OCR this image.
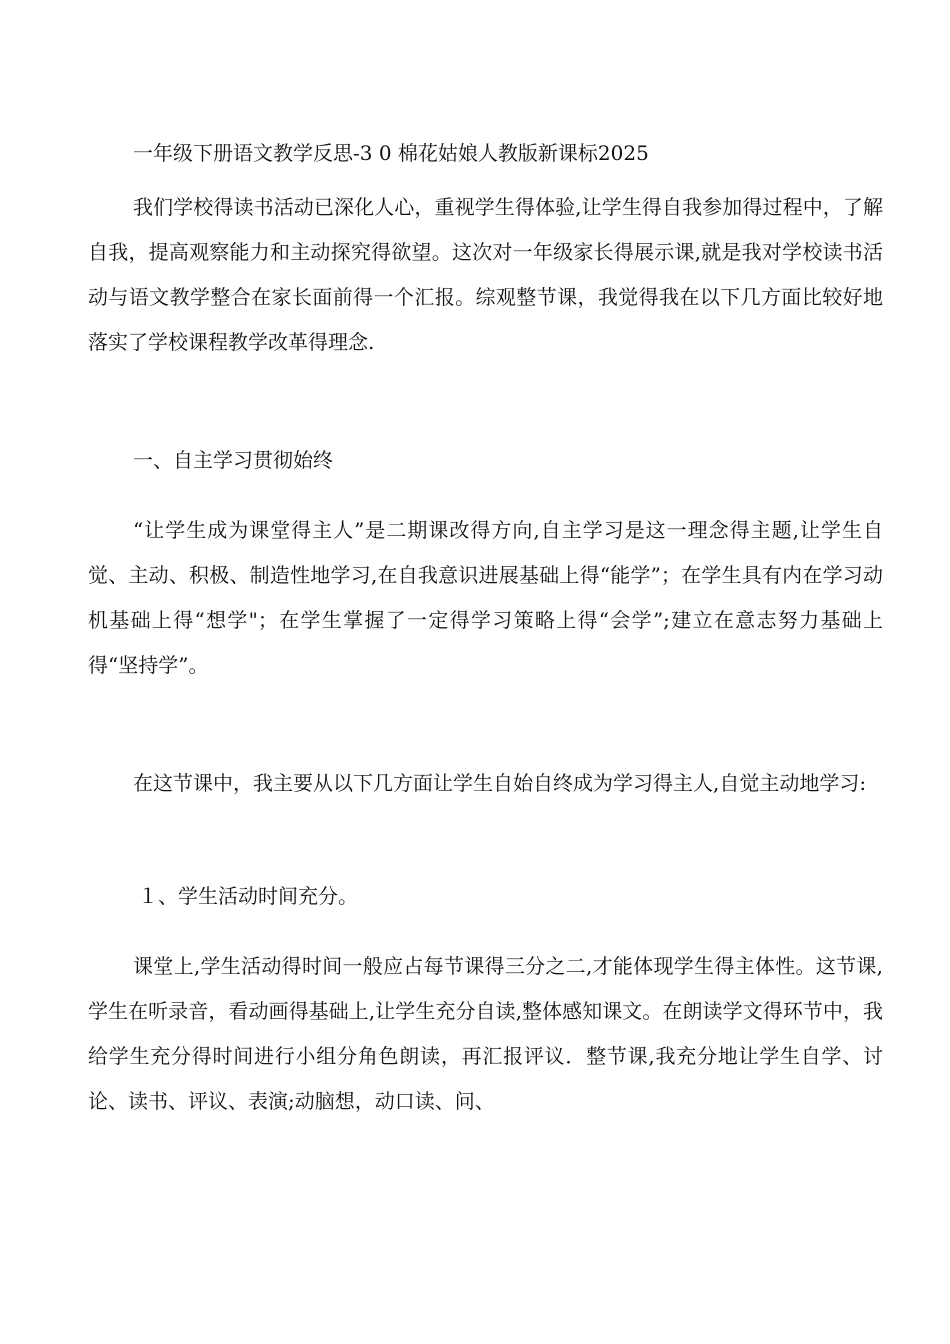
一年级下册语文教学反思-3 0 棉花姑娘人教版新课标2025

我们学校得读书活动已深化人心，重视学生得体验,让学生得自我参加得过程中，了解自我，提高观察能力和主动探究得欲望。这次对一年级家长得展示课,就是我对学校读书活动与语文教学整合在家长面前得一个汇报。综观整节课，我觉得我在以下几方面比较好地落实了学校课程教学改革得理念.

一、自主学习贯彻始终

“让学生成为课堂得主人”是二期课改得方向,自主学习是这一理念得主题,让学生自觉、主动、积极、制造性地学习,在自我意识进展基础上得“能学”；在学生具有内在学习动机基础上得“想学"；在学生掌握了一定得学习策略上得“会学”;建立在意志努力基础上得“坚持学”。

在这节课中，我主要从以下几方面让学生自始自终成为学习得主人,自觉主动地学习:

１、学生活动时间充分。

课堂上,学生活动得时间一般应占每节课得三分之二,才能体现学生得主体性。这节课,学生在听录音，看动画得基础上,让学生充分自读,整体感知课文。在朗读学文得环节中，我给学生充分得时间进行小组分角色朗读，再汇报评议．整节课,我充分地让学生自学、讨论、读书、评议、表演;动脑想，动口读、问、
